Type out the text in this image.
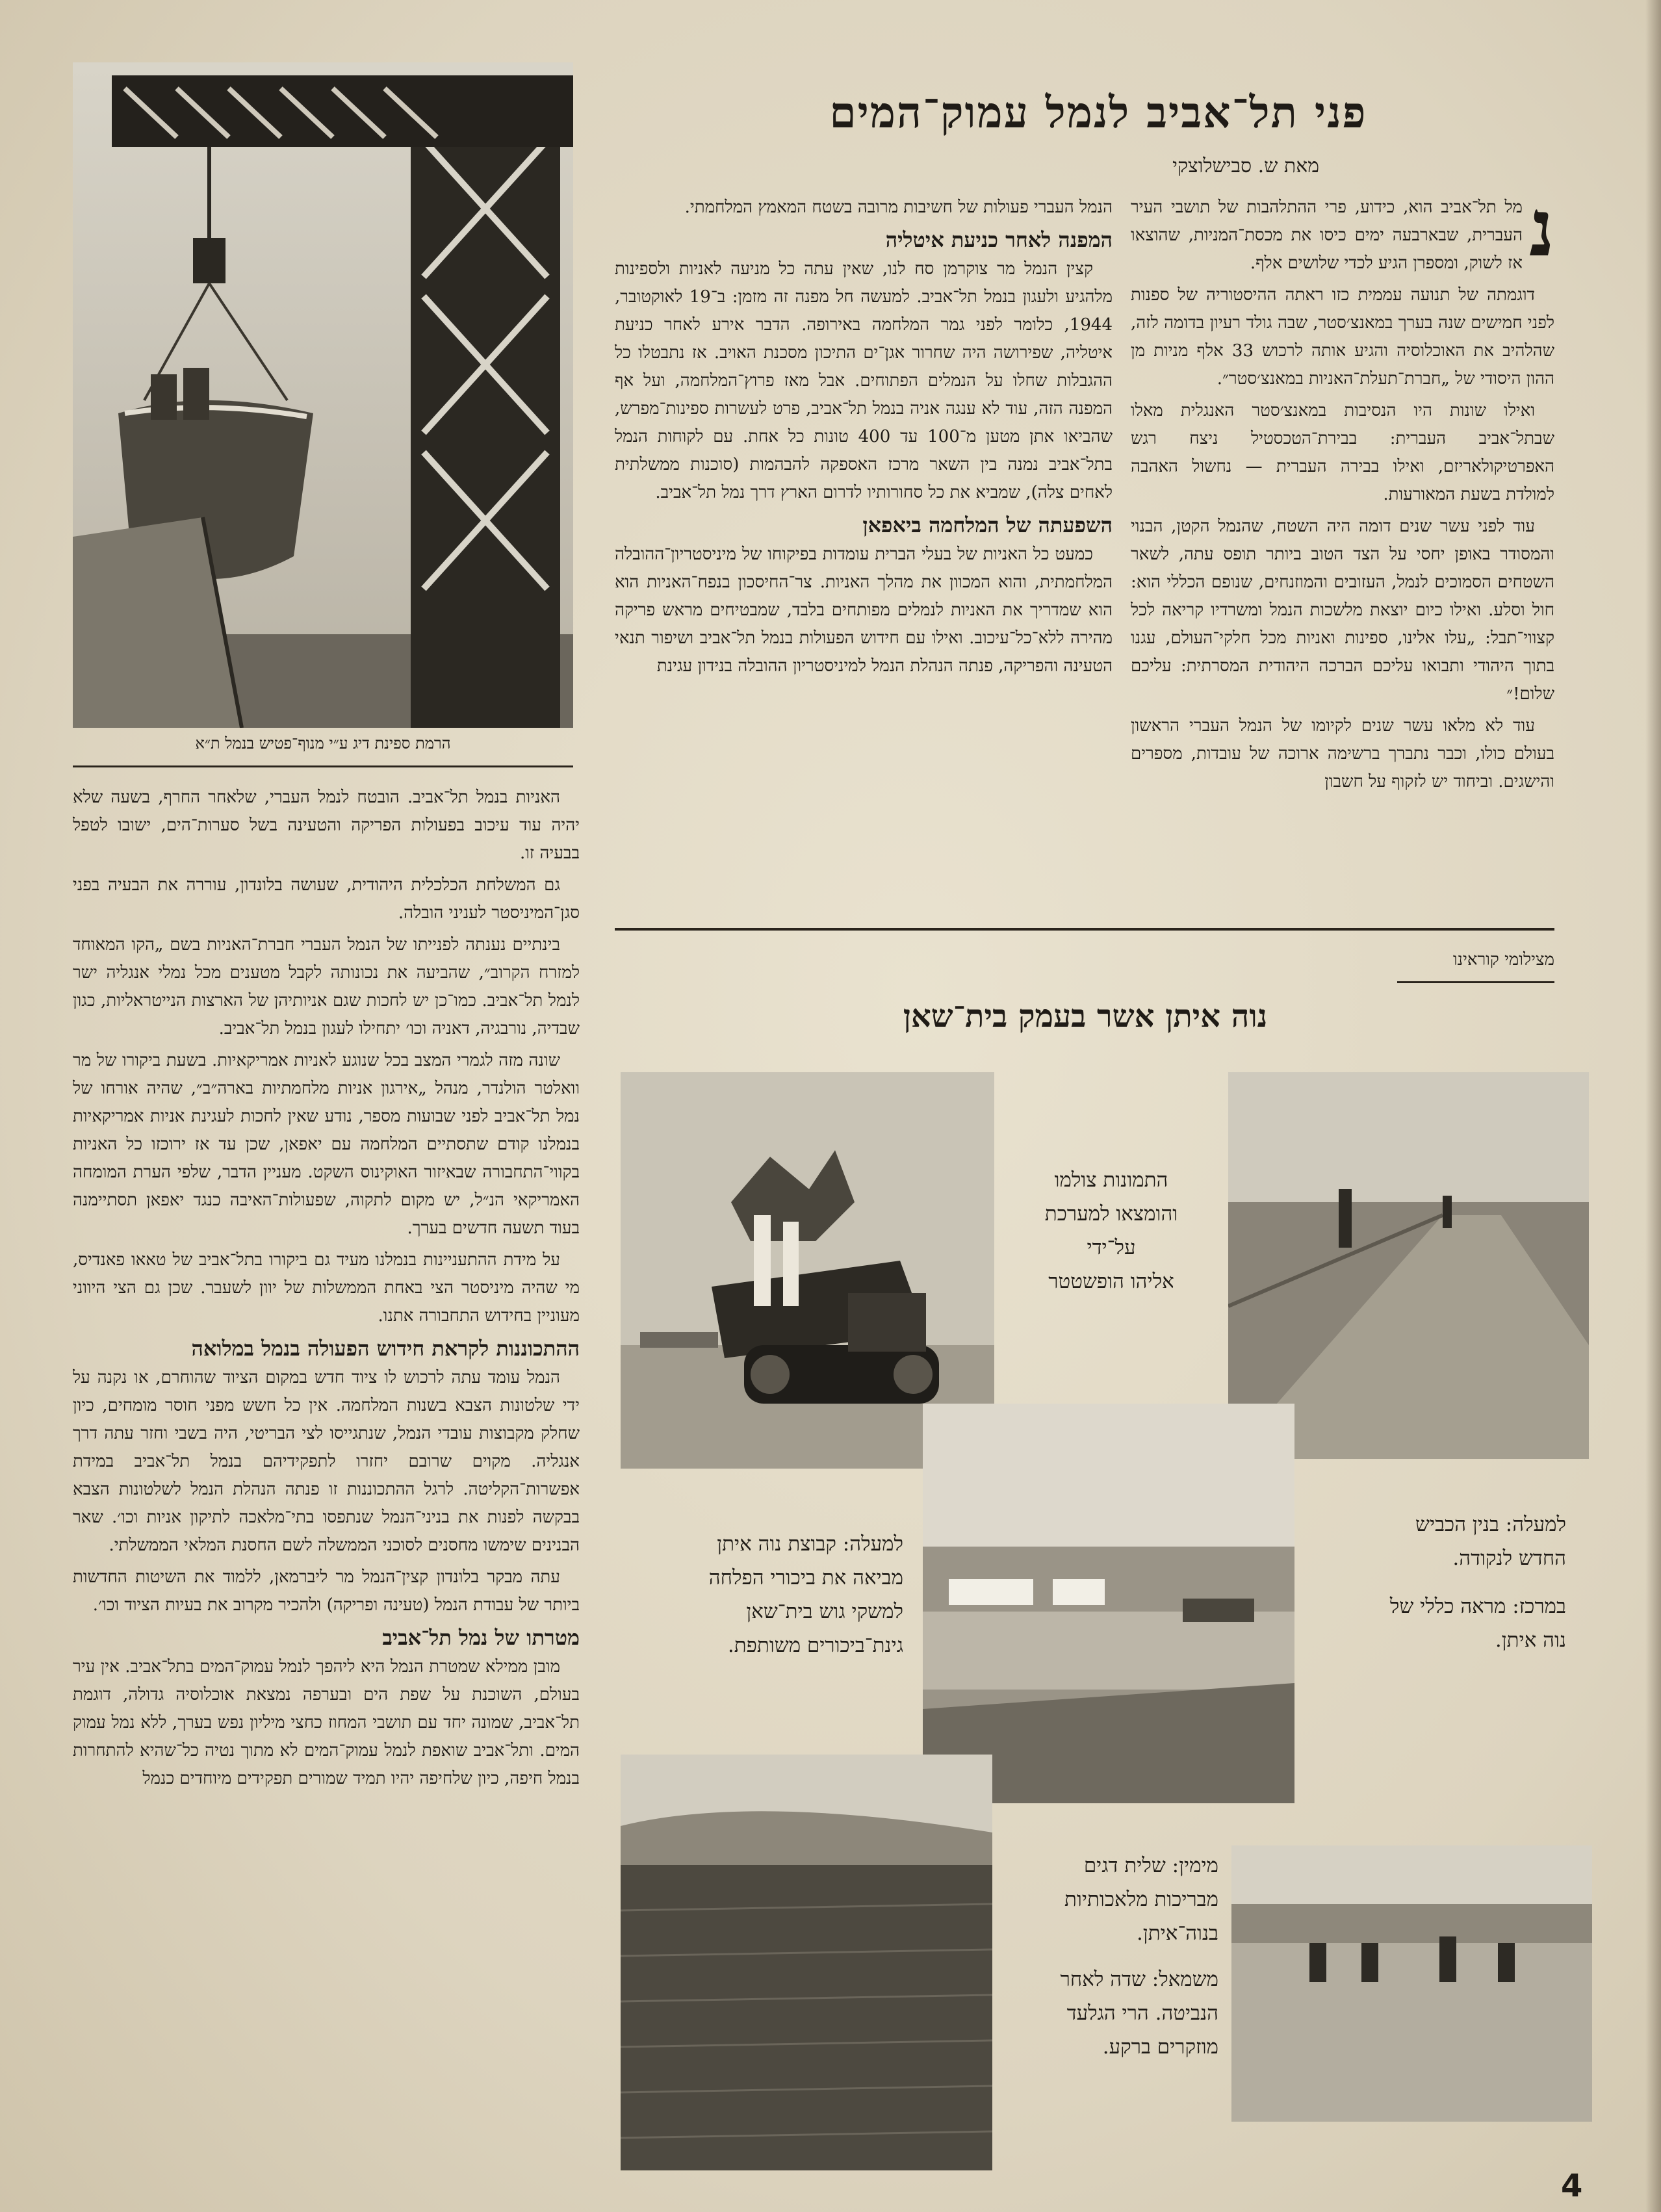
הרמת ספינת דיג ע״י מנוף־פטיש בנמל ת״א
פני תל־אביב לנמל עמוק־המים
מאת ש. סבישלוצקי

נ
מל תל־אביב הוא, כידוע, פרי ההתלהבות של תושבי העיר העברית, שבארבעה ימים כיסו את מכסת־המניות, שהוצאו אז לשוק, ומספרן הגיע לכדי שלושים אלף.

דוגמתה של תנועה עממית כזו ראתה ההיסטוריה של ספנות לפני חמישים שנה בערך במאנצ׳סטר, שבה גולד רעיון בדומה לזה, שהלהיב את האוכלוסיה והגיע אותה לרכוש 33 אלף מניות מן ההון היסודי של „חברת־תעלת־האניות במאנצ׳סטר״.

ואילו שונות היו הנסיבות במאנצ׳סטר האנגלית מאלו שבתל־אביב העברית: בבירת־הטכסטיל ניצח רגש האפרטיקולאריזם, ואילו בבירה העברית — נחשול האהבה למולדת בשעת המאורעות.

עוד לפני עשר שנים דומה היה השטח, שהנמל הקטן, הבנוי והמסודר באופן יחסי על הצד הטוב ביותר תופס עתה, לשאר השטחים הסמוכים לנמל, העזובים והמוזנחים, שנופם הכללי הוא: חול וסלע. ואילו כיום יוצאת מלשכות הנמל ומשרדיו קריאה לכל קצווי־תבל: „עלו אלינו, ספינות ואניות מכל חלקי־העולם, עגנו בתוך היהודי ותבואו עליכם הברכה היהודית המסרתית: עליכם שלום!״

עוד לא מלאו עשר שנים לקיומו של הנמל העברי הראשון בעולם כולו, וכבר נתברך ברשימה ארוכה של עובדות, מספרים והישגים. וביחוד יש לזקוף על חשבון

הנמל העברי פעולות של חשיבות מרובה בשטח המאמץ המלחמתי.

המפנה לאחר כניעת איטליה

קצין הנמל מר צוקרמן סח לנו, שאין עתה כל מניעה לאניות ולספינות מלהגיע ולעגון בנמל תל־אביב. למעשה חל מפנה זה מזמן: ב־19 לאוקטובר, 1944, כלומר לפני גמר המלחמה באירופה. הדבר אירע לאחר כניעת איטליה, שפירושה היה שחרור אגן־ים התיכון מסכנת האויב. אז נתבטלו כל ההגבלות שחלו על הנמלים הפתוחים. אבל מאז פרוץ־המלחמה, ועל אף המפנה הזה, עוד לא ענגה אניה בנמל תל־אביב, פרט לעשרות ספינות־מפרש, שהביאו אתן מטען מ־100 עד 400 טונות כל אחת. עם לקוחות הנמל בתל־אביב נמנה בין השאר מרכז האספקה להבהמות (סוכנות ממשלתית לאחים צלה), שמביא את כל סחורותיו לדרום הארץ דרך נמל תל־אביב.

השפעתה של המלחמה ביאפאן

כמעט כל האניות של בעלי הברית עומדות בפיקוחו של מיניסטריון־ההובלה המלחמתית, והוא המכוון את מהלך האניות. צר־החיסכון בנפח־האניות הוא הוא שמדריך את האניות לנמלים מפותחים בלבד, שמבטיחים מראש פריקה מהירה ללא־כל־עיכוב. ואילו עם חידוש הפעולות בנמל תל־אביב ושיפור תנאי הטעינה והפריקה, פנתה הנהלת הנמל למיניסטריון ההובלה בנידון עגינת

האניות בנמל תל־אביב. הובטח לנמל העברי, שלאחר החרף, בשעה שלא יהיה עוד עיכוב בפעולות הפריקה והטעינה בשל סערות־הים, ישובו לטפל בבעיה זו.

גם המשלחת הכלכלית היהודית, שעושה בלונדון, עוררה את הבעיה בפני סגן־המיניסטר לעניני הובלה.

בינתיים נענתה לפנייתו של הנמל העברי חברת־האניות בשם „הקו המאוחד למזרח הקרוב״, שהביעה את נכונותה לקבל מטענים מכל נמלי אנגליה ישר לנמל תל־אביב. כמו־כן יש לחכות שגם אניותיהן של הארצות הנייטראליות, כגון שבדיה, נורבגיה, דאניה וכו׳ יתחילו לעגון בנמל תל־אביב.

שונה מזה לגמרי המצב בכל שנוגע לאניות אמריקאיות. בשעת ביקורו של מר וואלטר הולנדר, מנהל „אירגון אניות מלחמתיות בארה״ב״, שהיה אורחו של נמל תל־אביב לפני שבועות מספר, נודע שאין לחכות לעגינת אניות אמריקאיות בנמלנו קודם שתסתיים המלחמה עם יאפאן, שכן עד אז ירוכזו כל האניות בקווי־התחבורה שבאיזור האוקינוס השקט. מעניין הדבר, שלפי הערת המומחה האמריקאי הנ״ל, יש מקום לתקוה, שפעולות־האיבה כנגד יאפאן תסתיימנה בעוד תשעה חדשים בערך.

על מידת ההתעניינות בנמלנו מעיד גם ביקורו בתל־אביב של טאאו פאנדיס, מי שהיה מיניסטר הצי באחת הממשלות של יוון לשעבר. שכן גם הצי היווני מעוניין בחידוש התחבורה אתנו.

ההתכוננות לקראת חידוש הפעולה בנמל במלואה

הנמל עומד עתה לרכוש לו ציוד חדש במקום הציוד שהוחרם, או נקנה על ידי שלטונות הצבא בשנות המלחמה. אין כל חשש מפני חוסר מומחים, כיון שחלק מקבוצות עובדי הנמל, שנתגייסו לצי הבריטי, היה בשבי וחזר עתה דרך אנגליה. מקוים שרובם יחזרו לתפקידיהם בנמל תל־אביב במידת אפשרות־הקליטה. לרגל ההתכוננות זו פנתה הנהלת הנמל לשלטונות הצבא בבקשה לפנות את בניני־הנמל שנתפסו בתי־מלאכה לתיקון אניות וכו׳. שאר הבנינים שימשו מחסנים לסוכני הממשלה לשם החסנת המלאי הממשלתי.

עתה מבקר בלונדון קצין־הנמל מר ליברמאן, ללמוד את השיטות החדשות ביותר של עבודת הנמל (טעינה ופריקה) ולהכיר מקרוב את בעיות הציוד וכו׳.

מטרתו של נמל תל־אביב

מובן ממילא שמטרת הנמל היא ליהפך לנמל עמוק־המים בתל־אביב. אין עיר בעולם, השוכנת על שפת הים ובערפה נמצאת אוכלוסיה גדולה, דוגמת תל־אביב, שמונה יחד עם תושבי המחוז כחצי מיליון נפש בערך, ללא נמל עמוק המים. ותל־אביב שואפת לנמל עמוק־המים לא מתוך נטיה כל־שהיא להתחרות בנמל חיפה, כיון שלחיפה יהיו תמיד שמורים תפקידים מיוחדים כנמל

מצילומי קוראינו
נוה איתן אשר בעמק בית־שאן
התמונות צולמו
והומצאו למערכת
על־ידי
אליהו הופשטטר
למעלה: בנין הכביש
החדש לנקודה.
במרכז: מראה כללי של
נוה איתן.
למעלה: קבוצת נוה איתן
מביאה את ביכורי הפלחה
למשקי גוש בית־שאן
גינת־ביכורים משותפת.
מימין: שלית דגים
מבריכות מלאכותיות
בנוה־איתן.
משמאל: שדה לאחר
הנביטה. הרי הגלעד
מוזקרים ברקע.
4
